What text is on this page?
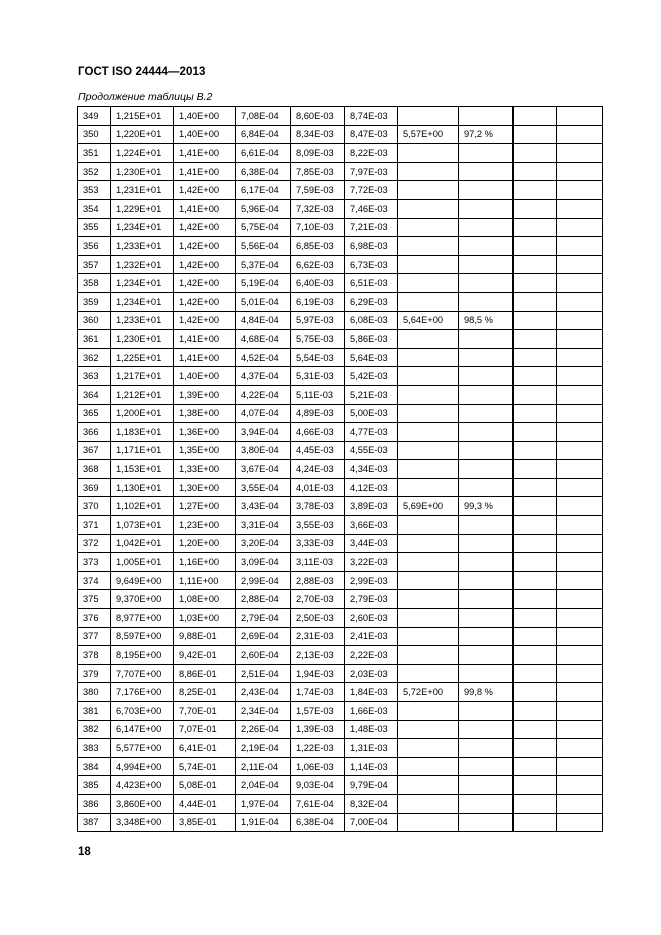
ГОСТ ISO 24444—2013
Продолжение таблицы В.2
349	1,215E+01	1,40E+00	7,08E-04	8,60E-03	8,74E-03				
350	1,220E+01	1,40E+00	6,84E-04	8,34E-03	8,47E-03	5,57E+00	97,2 %		
351	1,224E+01	1,41E+00	6,61E-04	8,09E-03	8,22E-03				
352	1,230E+01	1,41E+00	6,38E-04	7,85E-03	7,97E-03				
353	1,231E+01	1,42E+00	6,17E-04	7,59E-03	7,72E-03				
354	1,229E+01	1,41E+00	5,96E-04	7,32E-03	7,46E-03				
355	1,234E+01	1,42E+00	5,75E-04	7,10E-03	7,21E-03				
356	1,233E+01	1,42E+00	5,56E-04	6,85E-03	6,98E-03				
357	1,232E+01	1,42E+00	5,37E-04	6,62E-03	6,73E-03				
358	1,234E+01	1,42E+00	5,19E-04	6,40E-03	6,51E-03				
359	1,234E+01	1,42E+00	5,01E-04	6,19E-03	6,29E-03				
360	1,233E+01	1,42E+00	4,84E-04	5,97E-03	6,08E-03	5,64E+00	98,5 %		
361	1,230E+01	1,41E+00	4,68E-04	5,75E-03	5,86E-03				
362	1,225E+01	1,41E+00	4,52E-04	5,54E-03	5,64E-03				
363	1,217E+01	1,40E+00	4,37E-04	5,31E-03	5,42E-03				
364	1,212E+01	1,39E+00	4,22E-04	5,11E-03	5,21E-03				
365	1,200E+01	1,38E+00	4,07E-04	4,89E-03	5,00E-03				
366	1,183E+01	1,36E+00	3,94E-04	4,66E-03	4,77E-03				
367	1,171E+01	1,35E+00	3,80E-04	4,45E-03	4,55E-03				
368	1,153E+01	1,33E+00	3,67E-04	4,24E-03	4,34E-03				
369	1,130E+01	1,30E+00	3,55E-04	4,01E-03	4,12E-03				
370	1,102E+01	1,27E+00	3,43E-04	3,78E-03	3,89E-03	5,69E+00	99,3 %		
371	1,073E+01	1,23E+00	3,31E-04	3,55E-03	3,66E-03				
372	1,042E+01	1,20E+00	3,20E-04	3,33E-03	3,44E-03				
373	1,005E+01	1,16E+00	3,09E-04	3,11E-03	3,22E-03				
374	9,649E+00	1,11E+00	2,99E-04	2,88E-03	2,99E-03				
375	9,370E+00	1,08E+00	2,88E-04	2,70E-03	2,79E-03				
376	8,977E+00	1,03E+00	2,79E-04	2,50E-03	2,60E-03				
377	8,597E+00	9,88E-01	2,69E-04	2,31E-03	2,41E-03				
378	8,195E+00	9,42E-01	2,60E-04	2,13E-03	2,22E-03				
379	7,707E+00	8,86E-01	2,51E-04	1,94E-03	2,03E-03				
380	7,176E+00	8,25E-01	2,43E-04	1,74E-03	1,84E-03	5,72E+00	99,8 %		
381	6,703E+00	7,70E-01	2,34E-04	1,57E-03	1,66E-03				
382	6,147E+00	7,07E-01	2,26E-04	1,39E-03	1,48E-03				
383	5,577E+00	6,41E-01	2,19E-04	1,22E-03	1,31E-03				
384	4,994E+00	5,74E-01	2,11E-04	1,06E-03	1,14E-03				
385	4,423E+00	5,08E-01	2,04E-04	9,03E-04	9,79E-04				
386	3,860E+00	4,44E-01	1,97E-04	7,61E-04	8,32E-04				
387	3,348E+00	3,85E-01	1,91E-04	6,38E-04	7,00E-04				
18
